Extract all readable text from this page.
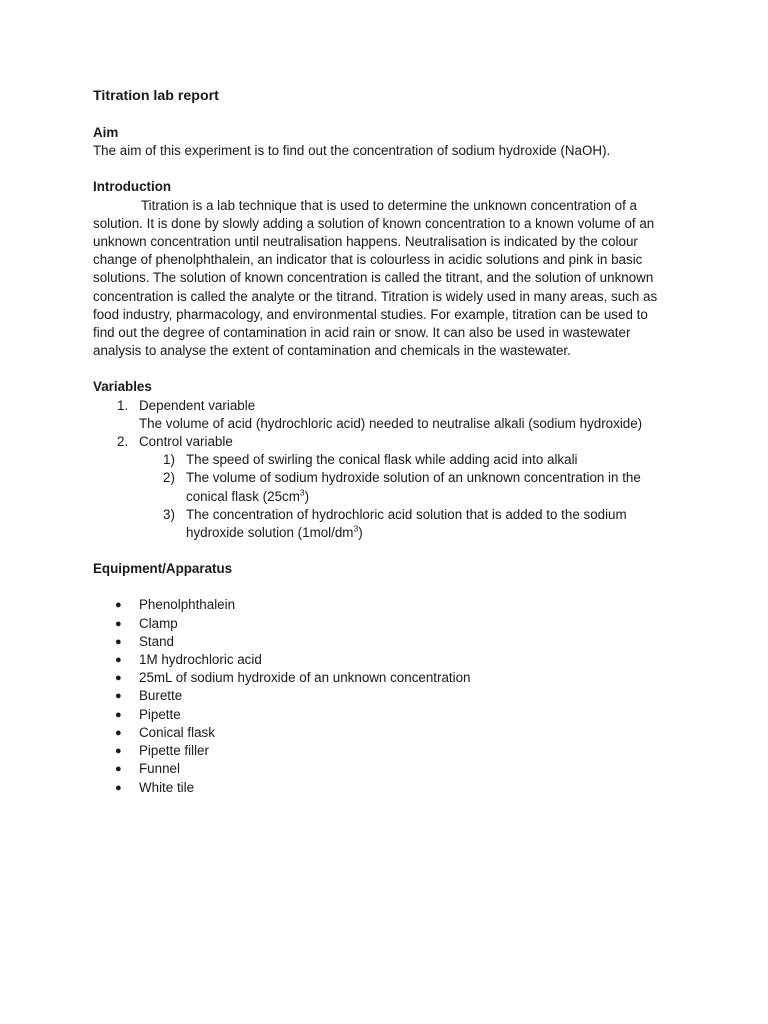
Titration lab report

Aim

The aim of this experiment is to find out the concentration of sodium hydroxide (NaOH).

Introduction

Titration is a lab technique that is used to determine the unknown concentration of a solution. It is done by slowly adding a solution of known concentration to a known volume of an unknown concentration until neutralisation happens. Neutralisation is indicated by the colour change of phenolphthalein, an indicator that is colourless in acidic solutions and pink in basic solutions. The solution of known concentration is called the titrant, and the solution of unknown concentration is called the analyte or the titrand. Titration is widely used in many areas, such as food industry, pharmacology, and environmental studies. For example, titration can be used to find out the degree of contamination in acid rain or snow. It can also be used in wastewater analysis to analyse the extent of contamination and chemicals in the wastewater.

Variables

1. Dependent variable

The volume of acid (hydrochloric acid) needed to neutralise alkali (sodium hydroxide)

2. Control variable

1) The speed of swirling the conical flask while adding acid into alkali
2) The volume of sodium hydroxide solution of an unknown concentration in the conical flask $(25cm^3)$
3) The concentration of hydrochloric acid solution that is added to the sodium hydroxide solution $(1mol/dm^3)$

Equipment/Apparatus

● Phenolphthalein
● Clamp
● Stand
● 1M hydrochloric acid
● 25mL of sodium hydroxide of an unknown concentration
● Burette
● Pipette
● Conical flask
● Pipette filler
● Funnel
● White tile
